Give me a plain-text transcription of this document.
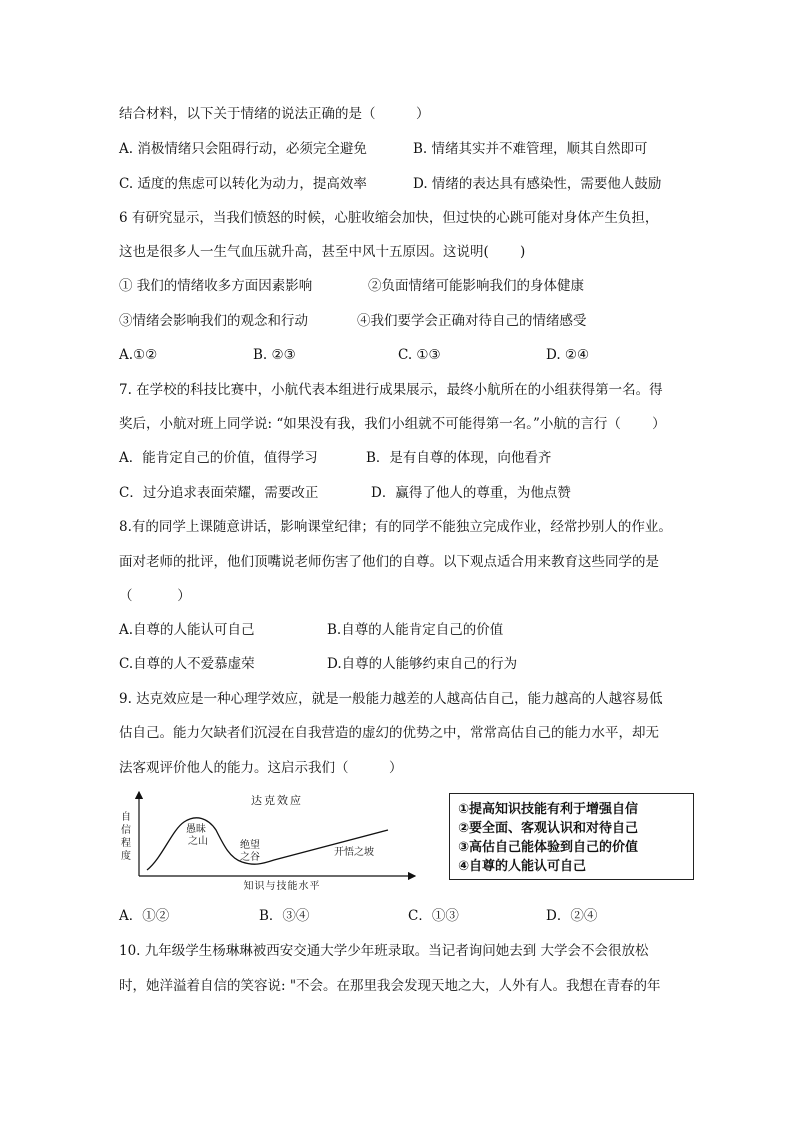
结合材料，以下关于情绪的说法正确的是（　　　）
A. 消极情绪只会阻碍行动，必须完全避免	B. 情绪其实并不难管理，顺其自然即可
C. 适度的焦虑可以转化为动力，提高效率	D. 情绪的表达具有感染性，需要他人鼓励
6 有研究显示，当我们愤怒的时候，心脏收缩会加快，但过快的心跳可能对身体产生负担，
这也是很多人一生气血压就升高，甚至中风十五原因。这说明(　　 )
① 我们的情绪收多方面因素影响	②负面情绪可能影响我们的身体健康
③情绪会影响我们的观念和行动	④我们要学会正确对待自己的情绪感受
A.①②	B. ②③	C. ①③	D. ②④
7. 在学校的科技比赛中，小航代表本组进行成果展示，最终小航所在的小组获得第一名。得
奖后，小航对班上同学说: “如果没有我，我们小组就不可能得第一名。”小航的言行（　　 ）
A．能肯定自己的价值，值得学习	B．是有自尊的体现，向他看齐
C．过分追求表面荣耀，需要改正	D．赢得了他人的尊重，为他点赞
8.有的同学上课随意讲话，影响课堂纪律；有的同学不能独立完成作业，经常抄别人的作业。
面对老师的批评，他们顶嘴说老师伤害了他们的自尊。以下观点适合用来教育这些同学的是
（　　　 ）
A.自尊的人能认可自己	B.自尊的人能肯定自己的价值
C.自尊的人不爱慕虚荣	D.自尊的人能够约束自己的行为
9. 达克效应是一种心理学效应，就是一般能力越差的人越高估自己，能力越高的人越容易低
估自己。能力欠缺者们沉浸在自我营造的虚幻的优势之中，常常高估自己的能力水平，却无
法客观评价他人的能力。这启示我们（　　　）
达克效应
自 信 程 度
愚昧 之山	绝望 之谷	开悟之坡
知识与技能水平
①提高知识技能有利于增强自信
②要全面、客观认识和对待自己
③高估自己能体验到自己的价值
④自尊的人能认可自己
A．①②	B．③④	C．①③	D．②④
10. 九年级学生杨琳琳被西安交通大学少年班录取。当记者询问她去到 大学会不会很放松
时，她洋溢着自信的笑容说: "不会。在那里我会发现天地之大，人外有人。我想在青春的年
